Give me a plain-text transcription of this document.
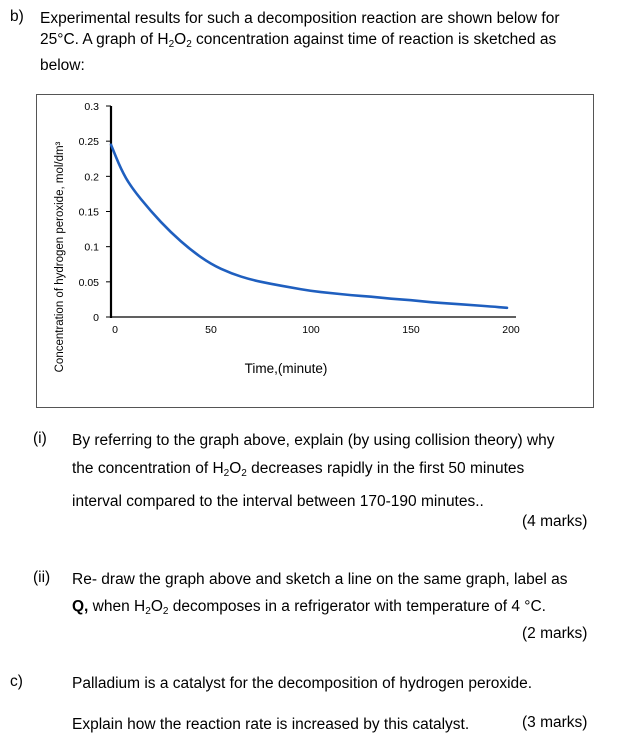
b) Experimental results for such a decomposition reaction are shown below for
25°C. A graph of $H_2O_2$ concentration against time of reaction is sketched as
below:
0
0.05
0.1
0.15
0.2
0.25
0.3
0	50	100	150	200
Time,(minute)
Concentration of hydrogen peroxide, mol/dm³
(i) By referring to the graph above, explain (by using collision theory) why
the concentration of $H_2O_2$ decreases rapidly in the first 50 minutes
interval compared to the interval between 170-190 minutes..
(4 marks)
(ii) Re- draw the graph above and sketch a line on the same graph, label as
Q, when $H_2O_2$ decomposes in a refrigerator with temperature of 4 °C.
(2 marks)
c)	Palladium is a catalyst for the decomposition of hydrogen peroxide.
Explain how the reaction rate is increased by this catalyst.	(3 marks)
